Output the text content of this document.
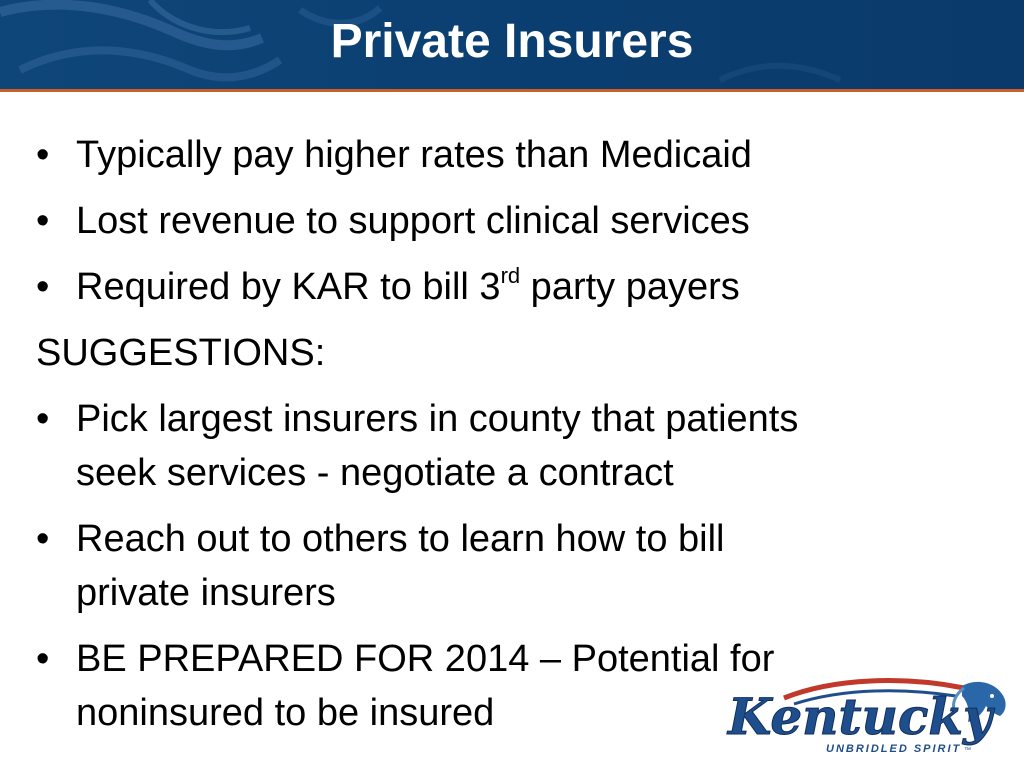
Private Insurers
• Typically pay higher rates than Medicaid
• Lost revenue to support clinical services
• Required by KAR to bill 3rd party payers
SUGGESTIONS:
• Pick largest insurers in county that patients
seek services - negotiate a contract
• Reach out to others to learn how to bill
private insurers
• BE PREPARED FOR 2014 – Potential for
noninsured to be insured	Kentucky
UNBRIDLED SPIRIT ™
